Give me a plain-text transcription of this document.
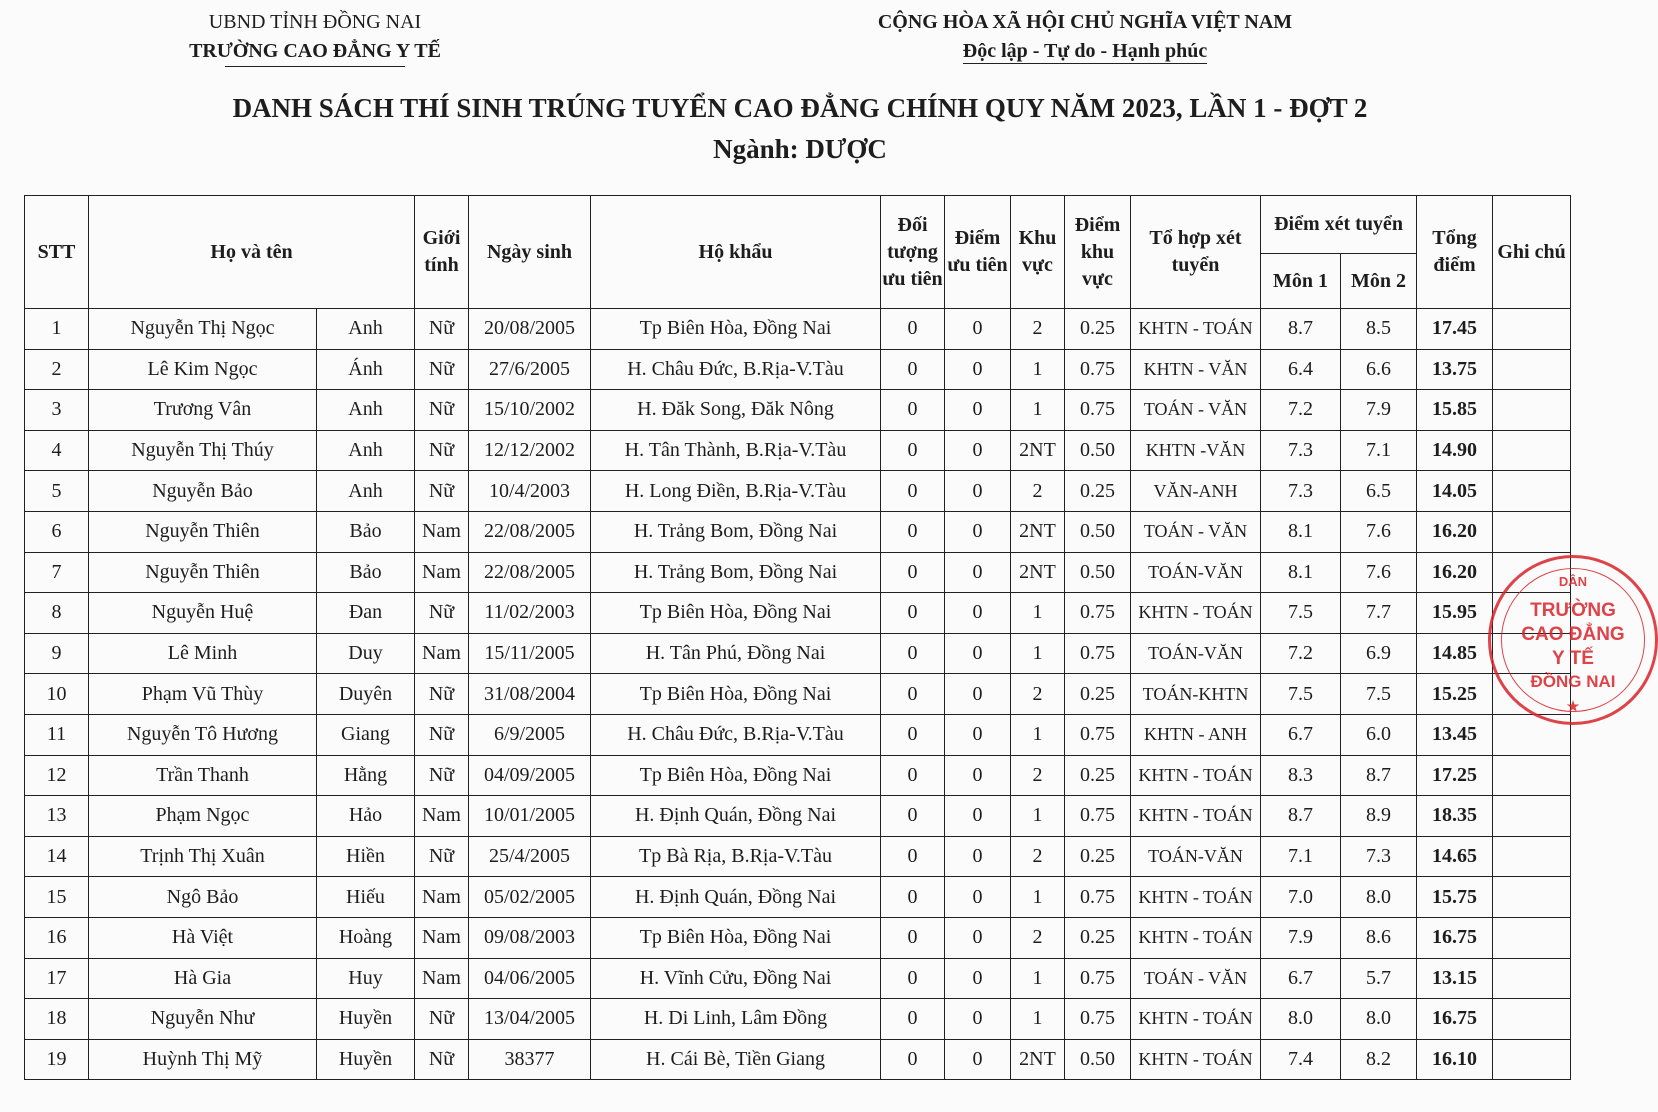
UBND TỈNH ĐỒNG NAI
TRƯỜNG CAO ĐẲNG Y TẾ
CỘNG HÒA XÃ HỘI CHỦ NGHĨA VIỆT NAM
Độc lập - Tự do - Hạnh phúc
DANH SÁCH THÍ SINH TRÚNG TUYỂN CAO ĐẲNG CHÍNH QUY NĂM 2023, LẦN 1 - ĐỢT 2
Ngành: DƯỢC
STT	Họ và tên		Giới tính	Ngày sinh	Hộ khẩu	Đối tượng ưu tiên	Điểm ưu tiên	Khu vực	Điểm khu vực	Tổ hợp xét tuyển	Điểm xét tuyển		Tổng điểm	Ghi chú
											Môn 1	Môn 2		
1	Nguyễn Thị Ngọc	Anh	Nữ	20/08/2005	Tp Biên Hòa, Đồng Nai	0	0	2	0.25	KHTN - TOÁN	8.7	8.5	17.45	
2	Lê Kim Ngọc	Ánh	Nữ	27/6/2005	H. Châu Đức, B.Rịa-V.Tàu	0	0	1	0.75	KHTN - VĂN	6.4	6.6	13.75	
3	Trương Vân	Anh	Nữ	15/10/2002	H. Đăk Song, Đăk Nông	0	0	1	0.75	TOÁN - VĂN	7.2	7.9	15.85	
4	Nguyễn Thị Thúy	Anh	Nữ	12/12/2002	H. Tân Thành, B.Rịa-V.Tàu	0	0	2NT	0.50	KHTN -VĂN	7.3	7.1	14.90	
5	Nguyễn Bảo	Anh	Nữ	10/4/2003	H. Long Điền, B.Rịa-V.Tàu	0	0	2	0.25	VĂN-ANH	7.3	6.5	14.05	
6	Nguyễn Thiên	Bảo	Nam	22/08/2005	H. Trảng Bom, Đồng Nai	0	0	2NT	0.50	TOÁN - VĂN	8.1	7.6	16.20	
7	Nguyễn Thiên	Bảo	Nam	22/08/2005	H. Trảng Bom, Đồng Nai	0	0	2NT	0.50	TOÁN-VĂN	8.1	7.6	16.20	
8	Nguyễn Huệ	Đan	Nữ	11/02/2003	Tp Biên Hòa, Đồng Nai	0	0	1	0.75	KHTN - TOÁN	7.5	7.7	15.95	
9	Lê Minh	Duy	Nam	15/11/2005	H. Tân Phú, Đồng Nai	0	0	1	0.75	TOÁN-VĂN	7.2	6.9	14.85	
10	Phạm Vũ Thùy	Duyên	Nữ	31/08/2004	Tp Biên Hòa, Đồng Nai	0	0	2	0.25	TOÁN-KHTN	7.5	7.5	15.25	
11	Nguyễn Tô Hương	Giang	Nữ	6/9/2005	H. Châu Đức, B.Rịa-V.Tàu	0	0	1	0.75	KHTN - ANH	6.7	6.0	13.45	
12	Trần Thanh	Hằng	Nữ	04/09/2005	Tp Biên Hòa, Đồng Nai	0	0	2	0.25	KHTN - TOÁN	8.3	8.7	17.25	
13	Phạm Ngọc	Hảo	Nam	10/01/2005	H. Định Quán, Đồng Nai	0	0	1	0.75	KHTN - TOÁN	8.7	8.9	18.35	
14	Trịnh Thị Xuân	Hiền	Nữ	25/4/2005	Tp Bà Rịa, B.Rịa-V.Tàu	0	0	2	0.25	TOÁN-VĂN	7.1	7.3	14.65	
15	Ngô Bảo	Hiếu	Nam	05/02/2005	H. Định Quán, Đồng Nai	0	0	1	0.75	KHTN - TOÁN	7.0	8.0	15.75	
16	Hà Việt	Hoàng	Nam	09/08/2003	Tp Biên Hòa, Đồng Nai	0	0	2	0.25	KHTN - TOÁN	7.9	8.6	16.75	
17	Hà Gia	Huy	Nam	04/06/2005	H. Vĩnh Cửu, Đồng Nai	0	0	1	0.75	TOÁN - VĂN	6.7	5.7	13.15	
18	Nguyễn Như	Huyền	Nữ	13/04/2005	H. Di Linh, Lâm Đồng	0	0	1	0.75	KHTN - TOÁN	8.0	8.0	16.75	
19	Huỳnh Thị Mỹ	Huyền	Nữ	38377	H. Cái Bè, Tiền Giang	0	0	2NT	0.50	KHTN - TOÁN	7.4	8.2	16.10	
DÂN
TRƯỜNG
CAO ĐẲNG
Y TẾ
ĐỒNG NAI
★
